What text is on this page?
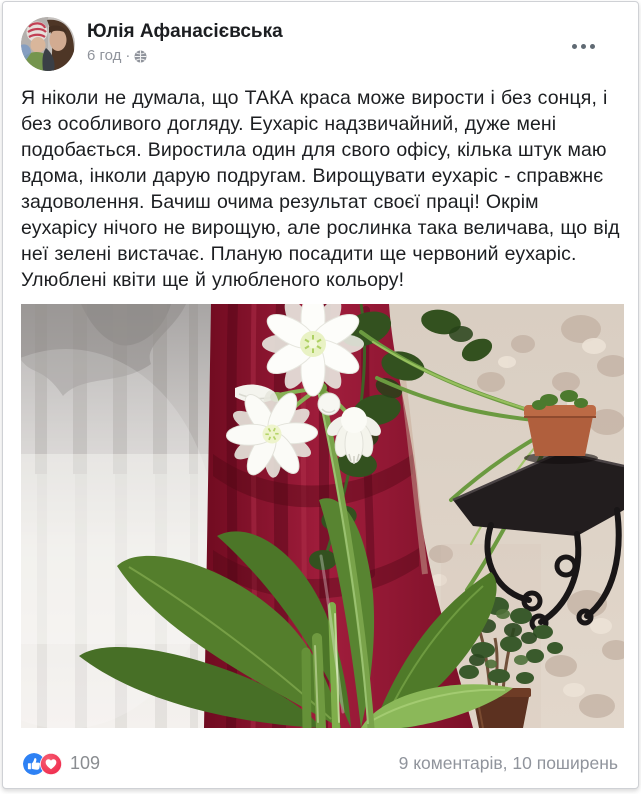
Юлія Афанасієвська
6 год ·
Я ніколи не думала, що ТАКА краса може вирости і без сонця, і без особливого догляду. Еухаріс надзвичайний, дуже мені подобається. Виростила один для свого офісу, кілька штук маю вдома, інколи дарую подругам. Вирощувати еухаріс - справжнє задоволення. Бачиш очима результат своєї праці! Окрім еухарісу нічого не вирощую, але рослинка така величава, що від неї зелені вистачає. Планую посадити ще червоний еухаріс. Улюблені квіти ще й улюбленого кольору!
109	9 коментарів, 10 поширень
